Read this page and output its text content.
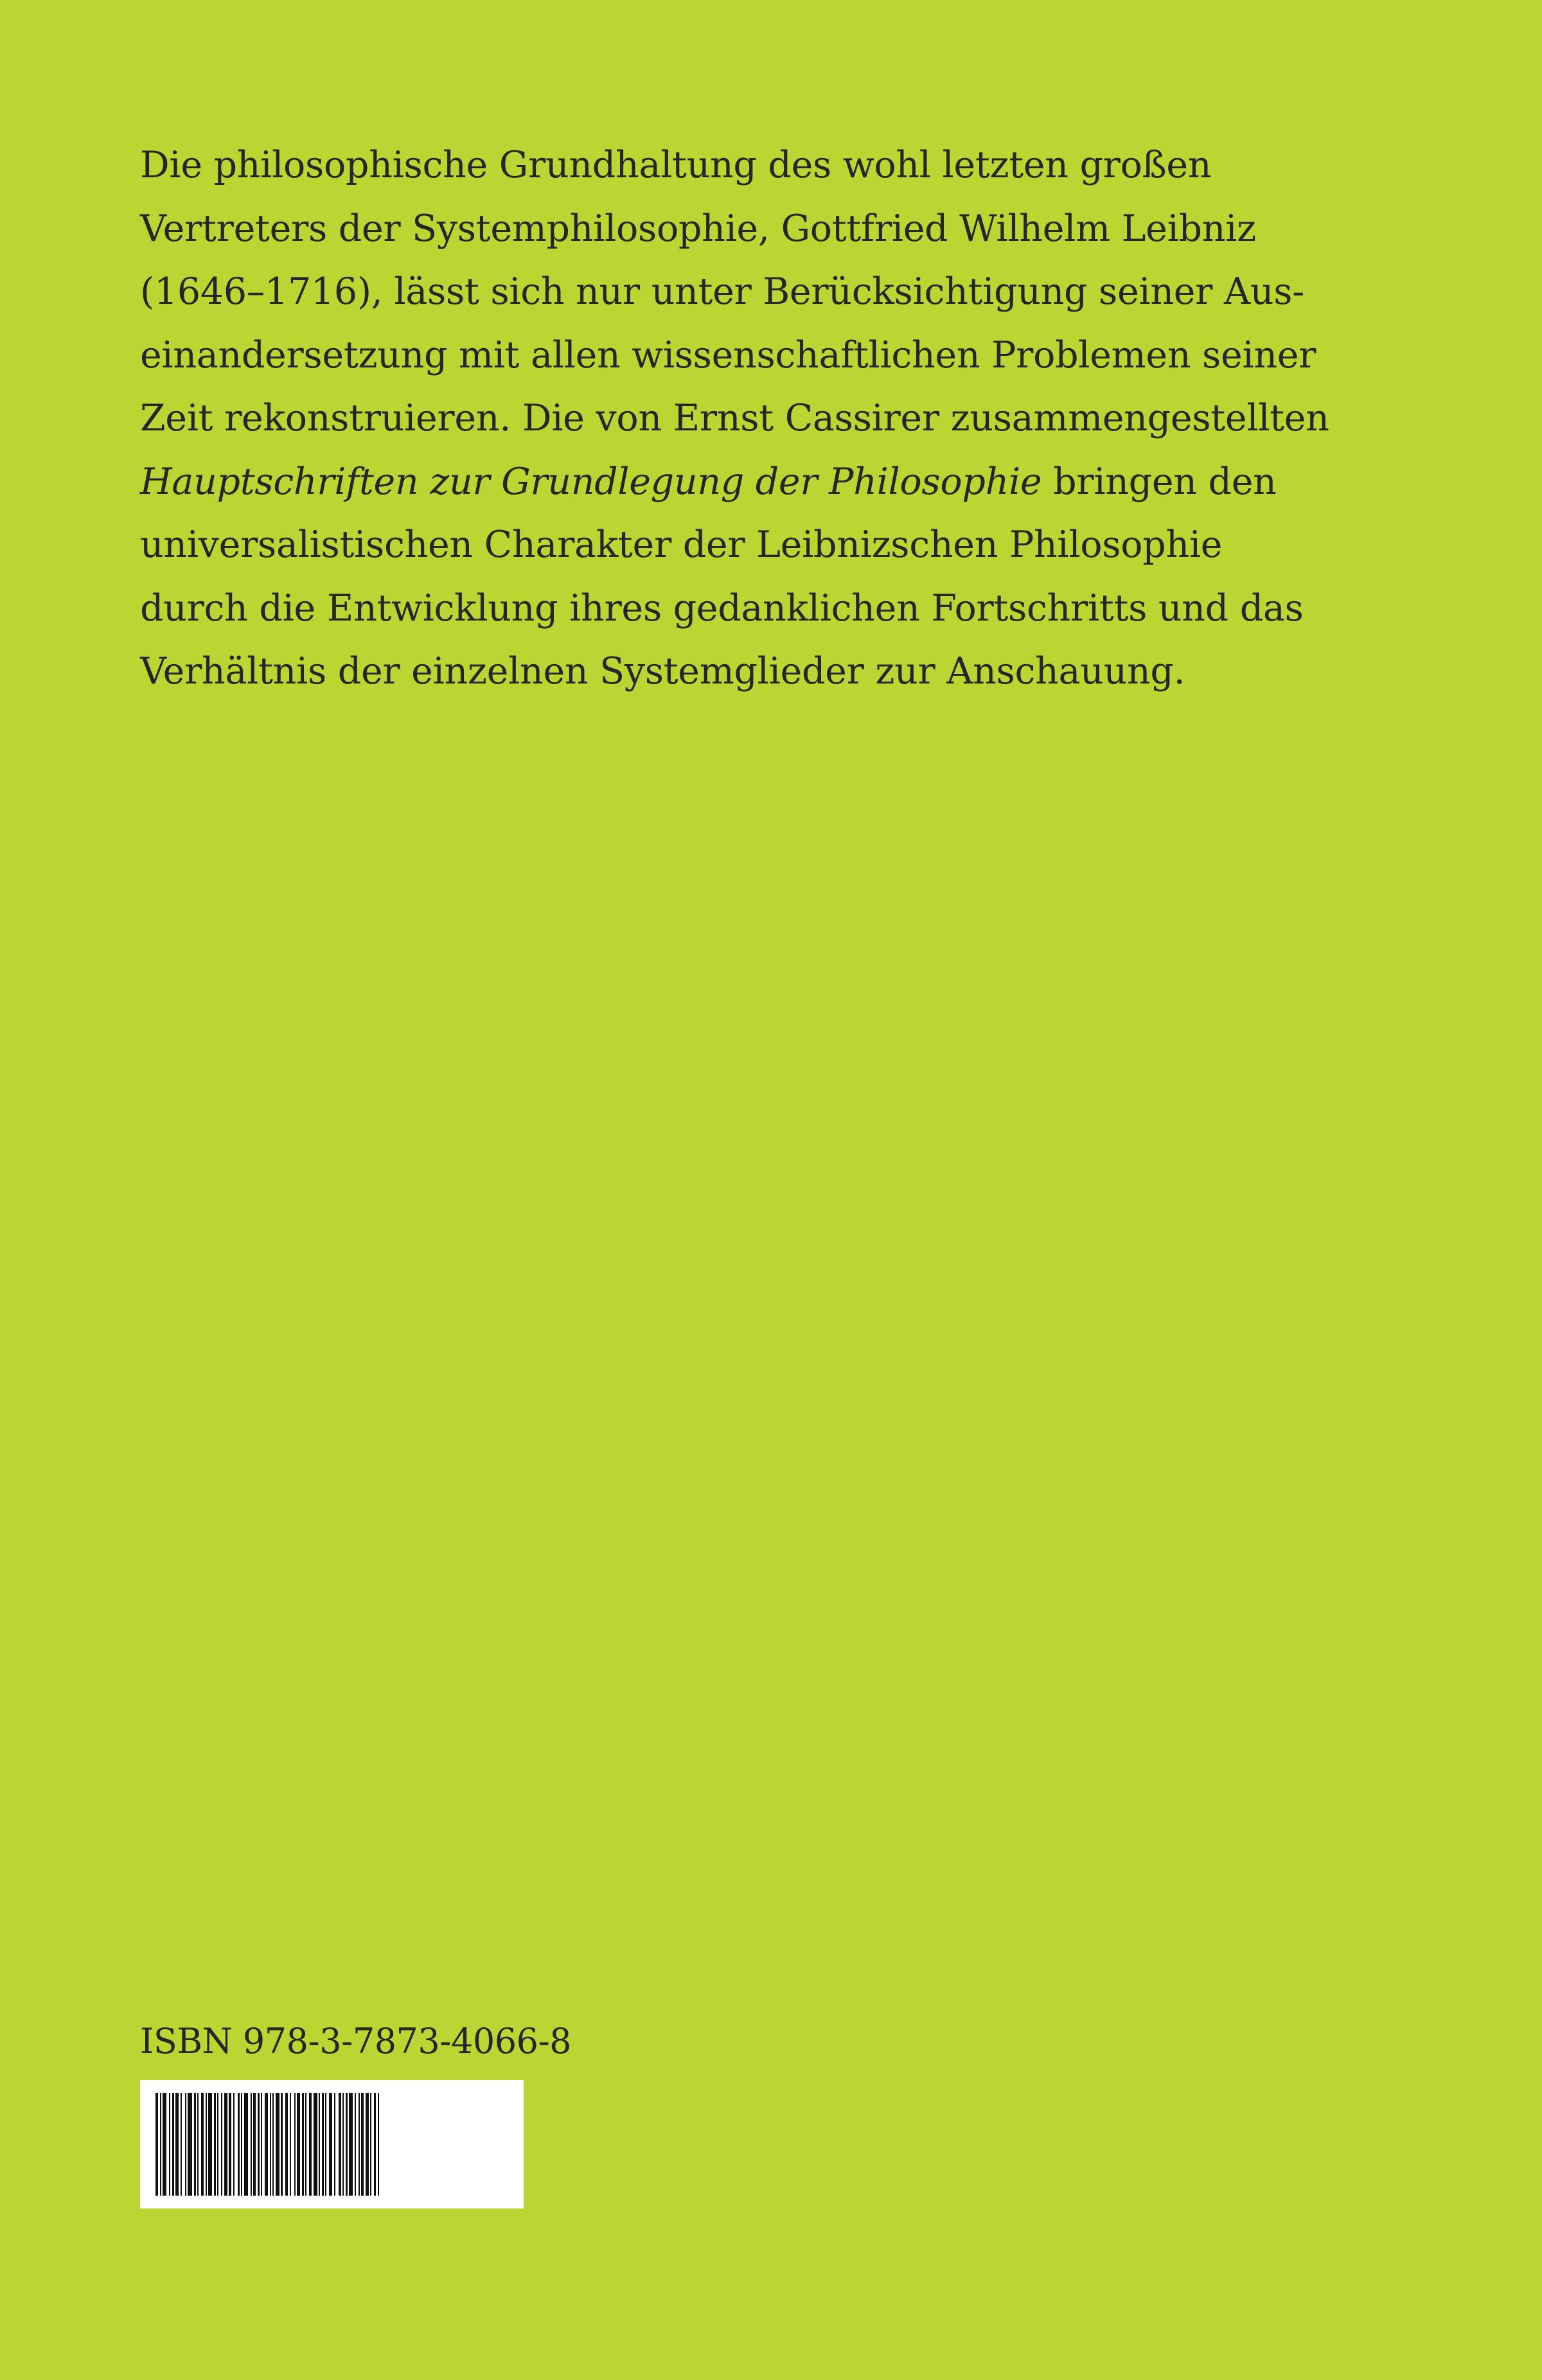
Die philosophische Grundhaltung des wohl letzten großen
Vertreters der Systemphilosophie, Gottfried Wilhelm Leibniz
(1646–1716), lässt sich nur unter Berücksichtigung seiner Aus-
einandersetzung mit allen wissenschaftlichen Problemen seiner
Zeit rekonstruieren. Die von Ernst Cassirer zusammengestellten
Hauptschriften zur Grundlegung der Philosophie bringen den
universalistischen Charakter der Leibnizschen Philosophie
durch die Entwicklung ihres gedanklichen Fortschritts und das
Verhältnis der einzelnen Systemglieder zur Anschauung.

ISBN 978-3-7873-4066-8
